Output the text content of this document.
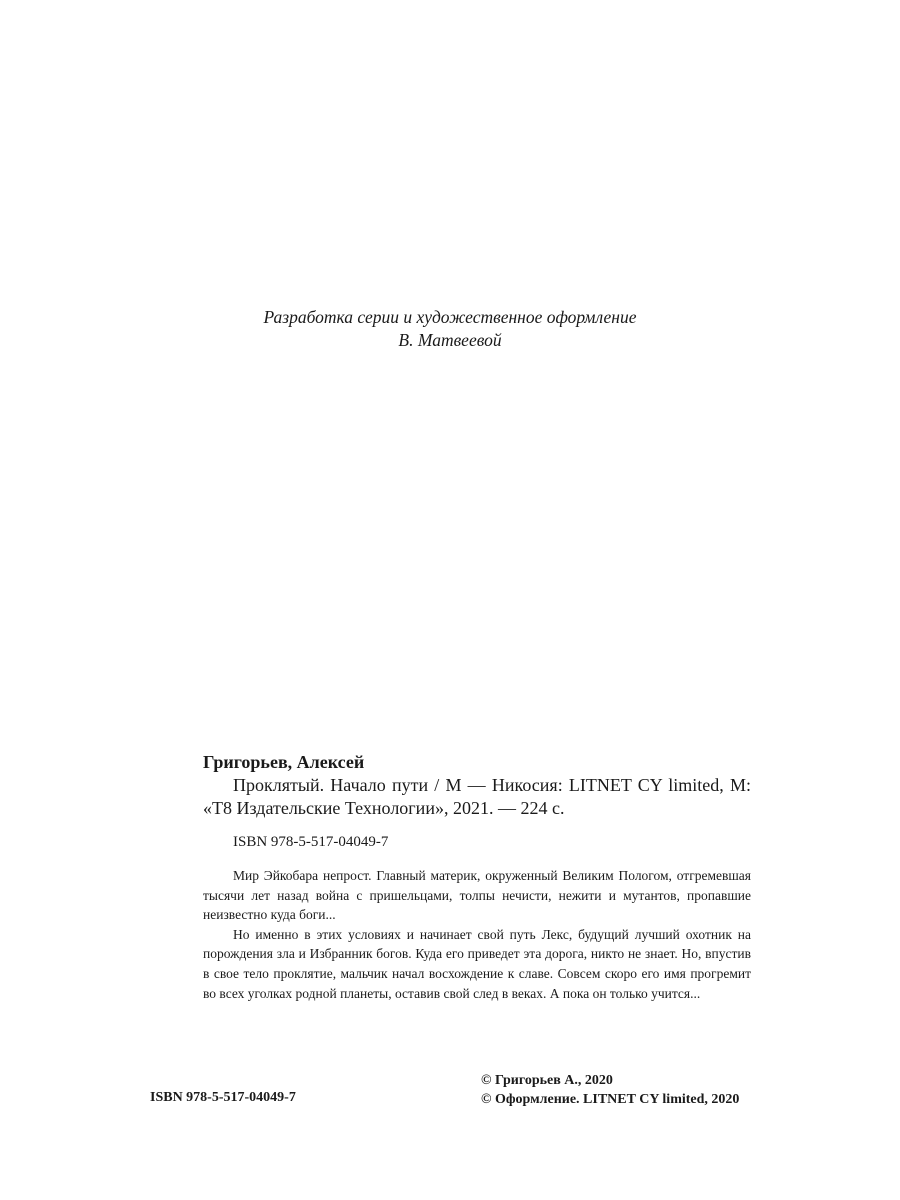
Разработка серии и художественное оформление
В. Матвеевой
Григорьев, Алексей
Проклятый. Начало пути / М — Никосия: LITNET CY limited, М: «Т8 Издательские Технологии», 2021. — 224 с.
ISBN 978-5-517-04049-7

Мир Эйкобара непрост. Главный материк, окруженный Великим Пологом, отгремевшая тысячи лет назад война с пришельцами, толпы нечисти, нежити и мутантов, пропавшие неизвестно куда боги...

Но именно в этих условиях и начинает свой путь Лекс, будущий лучший охотник на порождения зла и Избранник богов. Куда его приведет эта дорога, никто не знает. Но, впустив в свое тело проклятие, мальчик начал восхождение к славе. Совсем скоро его имя прогремит во всех уголках родной планеты, оставив свой след в веках. А пока он только учится...

ISBN 978-5-517-04049-7
© Григорьев А., 2020
© Оформление. LITNET CY limited, 2020
